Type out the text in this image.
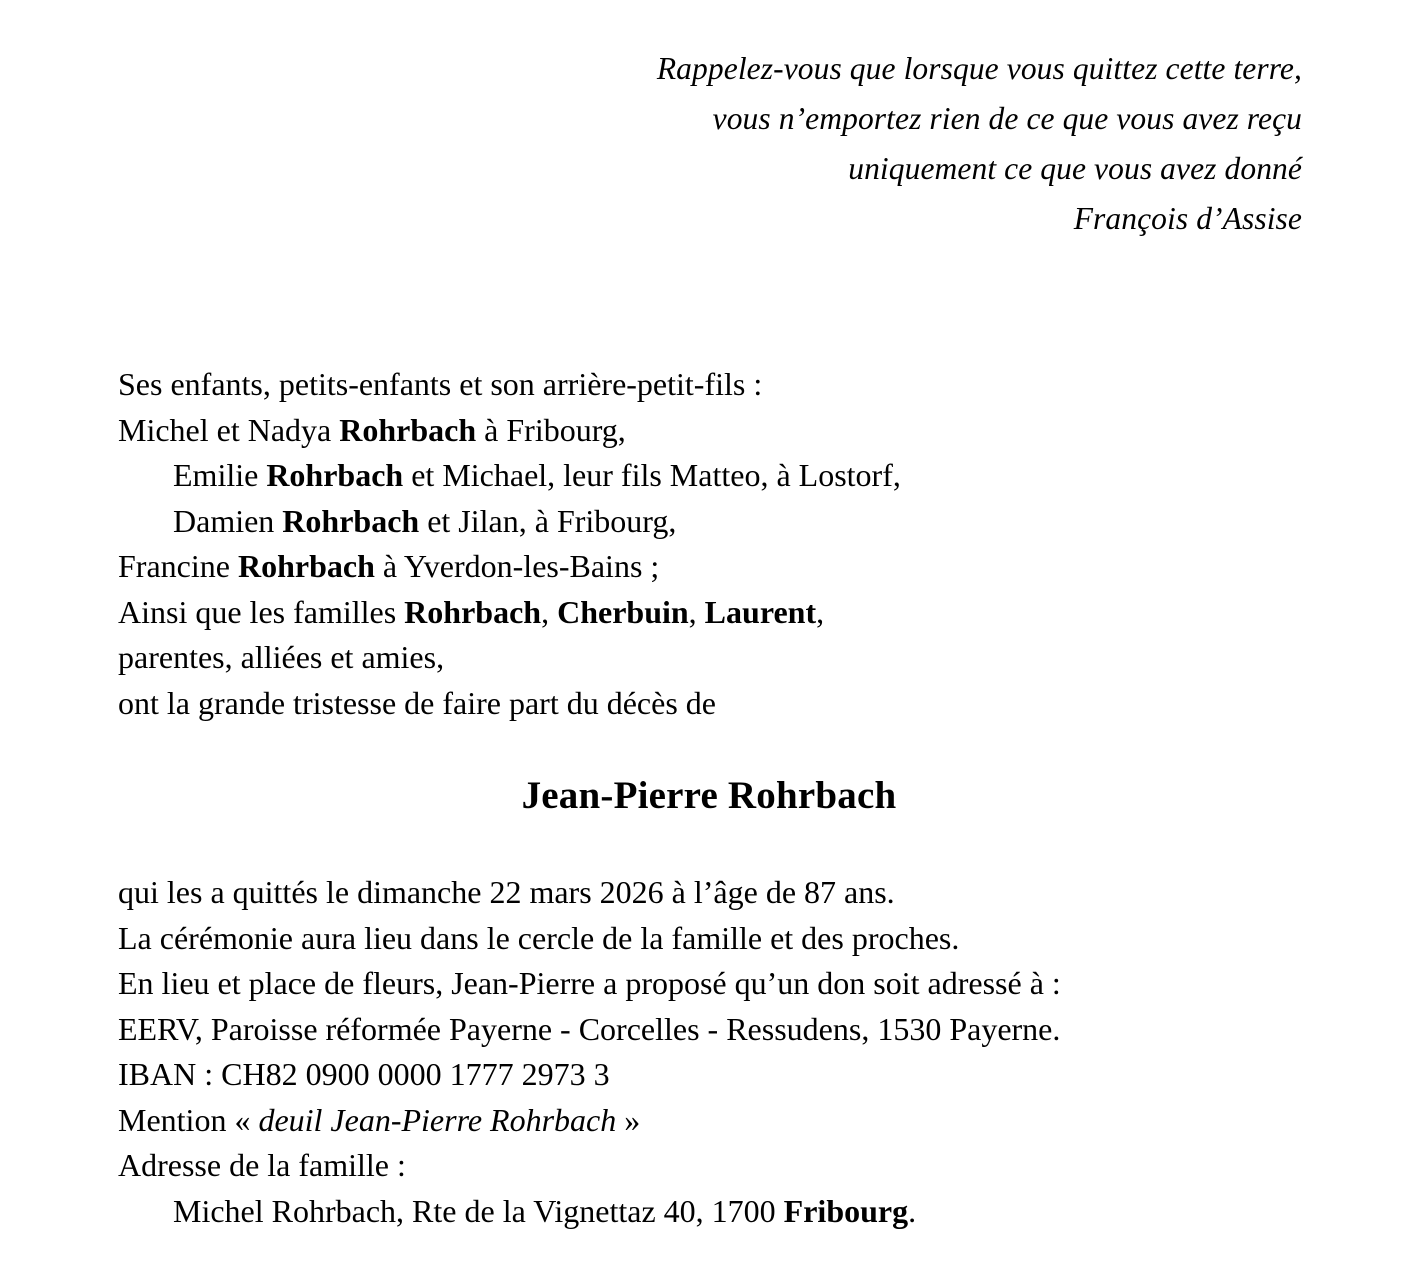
Rappelez-vous que lorsque vous quittez cette terre,
vous n’emportez rien de ce que vous avez reçu
uniquement ce que vous avez donné
François d’Assise
Ses enfants, petits-enfants et son arrière-petit-fils :
Michel et Nadya Rohrbach à Fribourg,
Emilie Rohrbach et Michael, leur fils Matteo, à Lostorf,
Damien Rohrbach et Jilan, à Fribourg,
Francine Rohrbach à Yverdon-les-Bains ;
Ainsi que les familles Rohrbach, Cherbuin, Laurent,
parentes, alliées et amies,
ont la grande tristesse de faire part du décès de
Jean-Pierre Rohrbach
qui les a quittés le dimanche 22 mars 2026 à l’âge de 87 ans.
La cérémonie aura lieu dans le cercle de la famille et des proches.
En lieu et place de fleurs, Jean-Pierre a proposé qu’un don soit adressé à :
EERV, Paroisse réformée Payerne - Corcelles - Ressudens, 1530 Payerne.
IBAN : CH82 0900 0000 1777 2973 3
Mention « deuil Jean-Pierre Rohrbach »
Adresse de la famille :
Michel Rohrbach, Rte de la Vignettaz 40, 1700 Fribourg.
